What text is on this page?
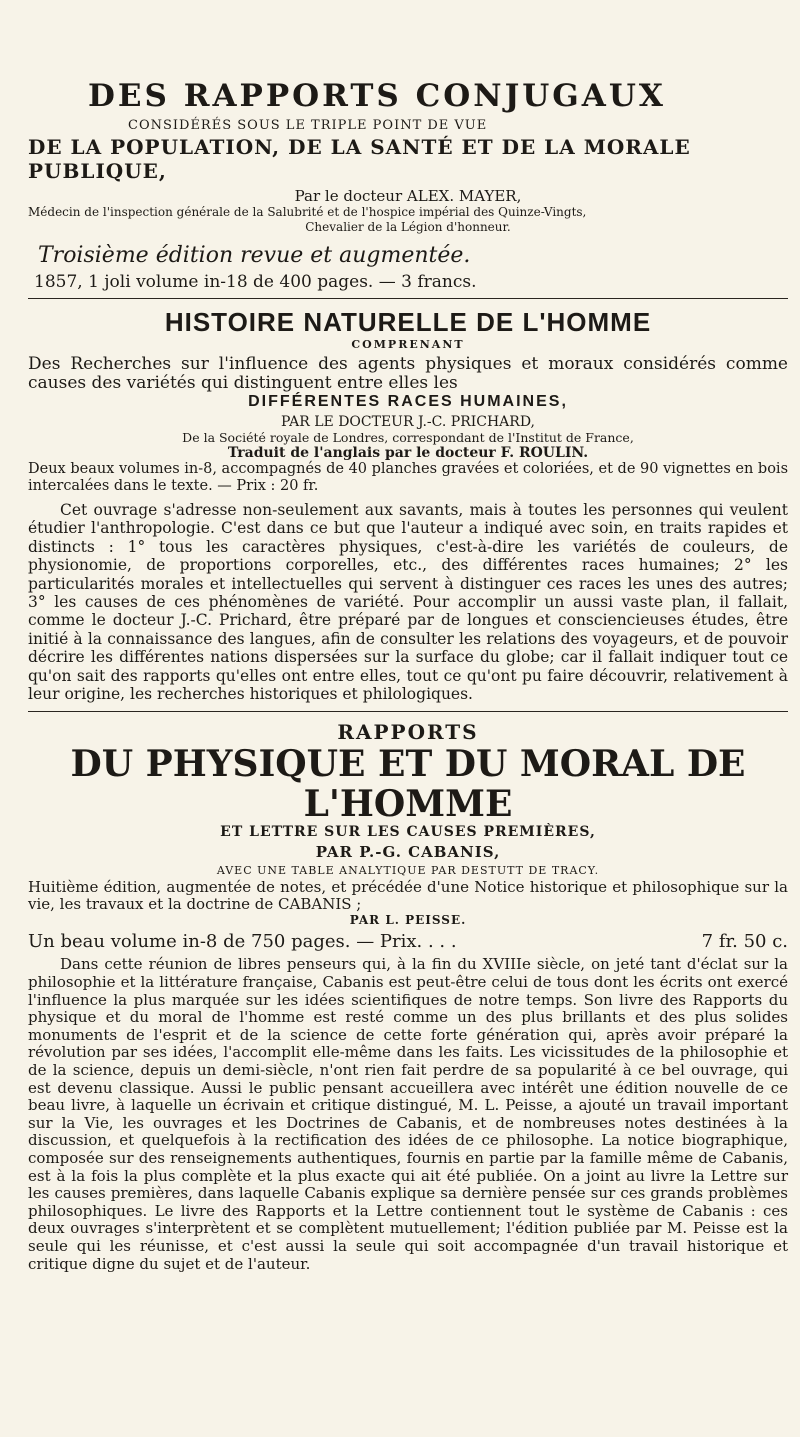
DES RAPPORTS CONJUGAUX
CONSIDÉRÉS SOUS LE TRIPLE POINT DE VUE
DE LA POPULATION, DE LA SANTÉ ET DE LA MORALE PUBLIQUE,
Par le docteur ALEX. MAYER,
Médecin de l'inspection générale de la Salubrité et de l'hospice impérial des Quinze-Vingts,
Chevalier de la Légion d'honneur.
Troisième édition revue et augmentée.
1857, 1 joli volume in-18 de 400 pages. — 3 francs.
HISTOIRE NATURELLE DE L'HOMME
COMPRENANT
Des Recherches sur l'influence des agents physiques et moraux considérés comme causes des variétés qui distinguent entre elles les
DIFFÉRENTES RACES HUMAINES,
PAR LE DOCTEUR J.-C. PRICHARD,
De la Société royale de Londres, correspondant de l'Institut de France,
Traduit de l'anglais par le docteur F. ROULIN.
Deux beaux volumes in-8, accompagnés de 40 planches gravées et coloriées, et de 90 vignettes en bois intercalées dans le texte. — Prix : 20 fr.
Cet ouvrage s'adresse non-seulement aux savants, mais à toutes les personnes qui veulent étudier l'anthropologie. C'est dans ce but que l'auteur a indiqué avec soin, en traits rapides et distincts : 1° tous les caractères physiques, c'est-à-dire les variétés de couleurs, de physionomie, de proportions corporelles, etc., des différentes races humaines; 2° les particularités morales et intellectuelles qui servent à distinguer ces races les unes des autres; 3° les causes de ces phénomènes de variété. Pour accomplir un aussi vaste plan, il fallait, comme le docteur J.-C. Prichard, être préparé par de longues et consciencieuses études, être initié à la connaissance des langues, afin de consulter les relations des voyageurs, et de pouvoir décrire les différentes nations dispersées sur la surface du globe; car il fallait indiquer tout ce qu'on sait des rapports qu'elles ont entre elles, tout ce qu'ont pu faire découvrir, relativement à leur origine, les recherches historiques et philologiques.
RAPPORTS
DU PHYSIQUE ET DU MORAL DE L'HOMME
ET LETTRE SUR LES CAUSES PREMIÈRES,
PAR P.-G. CABANIS,
AVEC UNE TABLE ANALYTIQUE PAR DESTUTT DE TRACY.
Huitième édition, augmentée de notes, et précédée d'une Notice historique et philosophique sur la vie, les travaux et la doctrine de CABANIS ;
PAR L. PEISSE.
Un beau volume in-8 de 750 pages. — Prix. . . .	7 fr. 50 c.
Dans cette réunion de libres penseurs qui, à la fin du XVIIIe siècle, on jeté tant d'éclat sur la philosophie et la littérature française, Cabanis est peut-être celui de tous dont les écrits ont exercé l'influence la plus marquée sur les idées scientifiques de notre temps. Son livre des Rapports du physique et du moral de l'homme est resté comme un des plus brillants et des plus solides monuments de l'esprit et de la science de cette forte génération qui, après avoir préparé la révolution par ses idées, l'accomplit elle-même dans les faits. Les vicissitudes de la philosophie et de la science, depuis un demi-siècle, n'ont rien fait perdre de sa popularité à ce bel ouvrage, qui est devenu classique. Aussi le public pensant accueillera avec intérêt une édition nouvelle de ce beau livre, à laquelle un écrivain et critique distingué, M. L. Peisse, a ajouté un travail important sur la Vie, les ouvrages et les Doctrines de Cabanis, et de nombreuses notes destinées à la discussion, et quelquefois à la rectification des idées de ce philosophe. La notice biographique, composée sur des renseignements authentiques, fournis en partie par la famille même de Cabanis, est à la fois la plus complète et la plus exacte qui ait été publiée. On a joint au livre la Lettre sur les causes premières, dans laquelle Cabanis explique sa dernière pensée sur ces grands problèmes philosophiques. Le livre des Rapports et la Lettre contiennent tout le système de Cabanis : ces deux ouvrages s'interprètent et se complètent mutuellement; l'édition publiée par M. Peisse est la seule qui les réunisse, et c'est aussi la seule qui soit accompagnée d'un travail historique et critique digne du sujet et de l'auteur.
